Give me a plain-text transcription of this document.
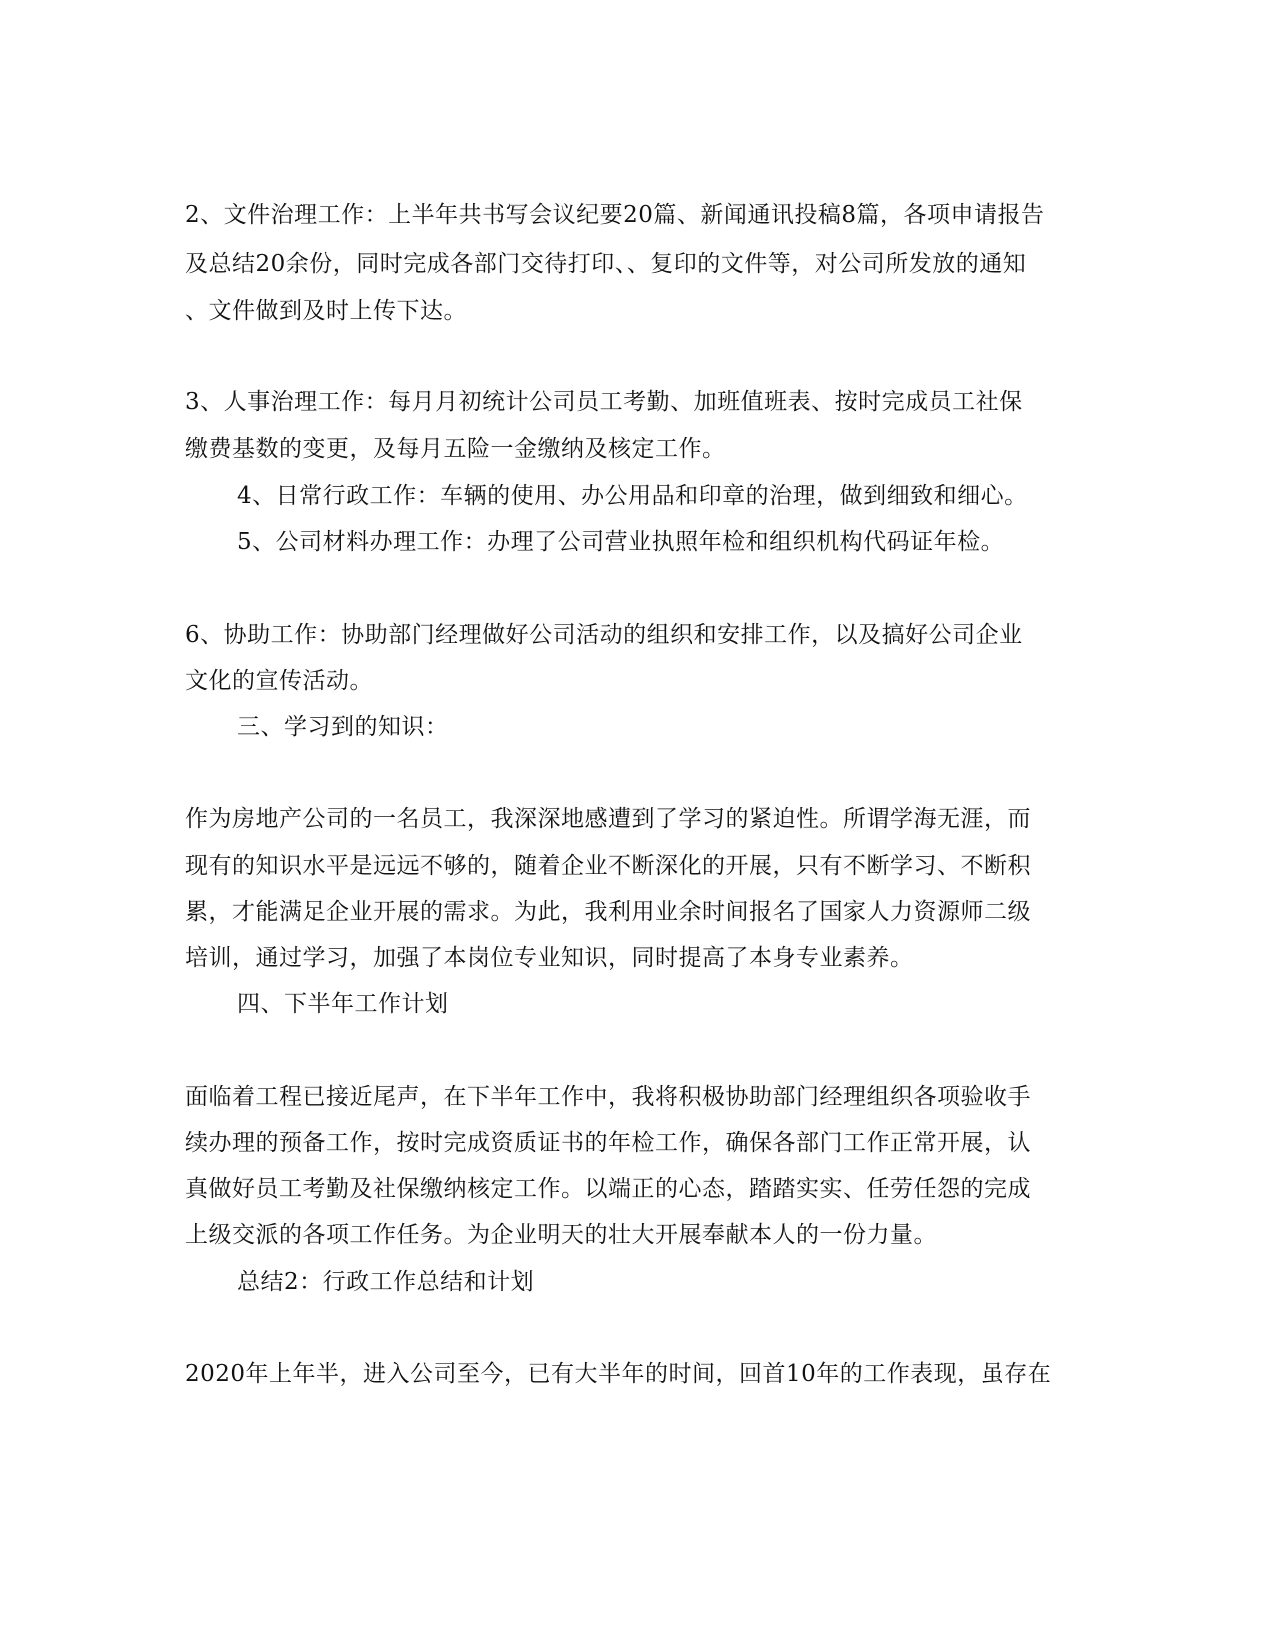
2、文件治理工作：上半年共书写会议纪要20篇、新闻通讯投稿8篇，各项申请报告
及总结20余份，同时完成各部门交待打印、、复印的文件等，对公司所发放的通知
、文件做到及时上传下达。
3、人事治理工作：每月月初统计公司员工考勤、加班值班表、按时完成员工社保
缴费基数的变更，及每月五险一金缴纳及核定工作。
4、日常行政工作：车辆的使用、办公用品和印章的治理，做到细致和细心。
5、公司材料办理工作：办理了公司营业执照年检和组织机构代码证年检。
6、协助工作：协助部门经理做好公司活动的组织和安排工作，以及搞好公司企业
文化的宣传活动。
三、学习到的知识：
作为房地产公司的一名员工，我深深地感遭到了学习的紧迫性。所谓学海无涯，而
现有的知识水平是远远不够的，随着企业不断深化的开展，只有不断学习、不断积
累，才能满足企业开展的需求。为此，我利用业余时间报名了国家人力资源师二级
培训，通过学习，加强了本岗位专业知识，同时提高了本身专业素养。
四、下半年工作计划
面临着工程已接近尾声，在下半年工作中，我将积极协助部门经理组织各项验收手
续办理的预备工作，按时完成资质证书的年检工作，确保各部门工作正常开展，认
真做好员工考勤及社保缴纳核定工作。以端正的心态，踏踏实实、任劳任怨的完成
上级交派的各项工作任务。为企业明天的壮大开展奉献本人的一份力量。
总结2：行政工作总结和计划
2020年上年半，进入公司至今，已有大半年的时间，回首10年的工作表现，虽存在
